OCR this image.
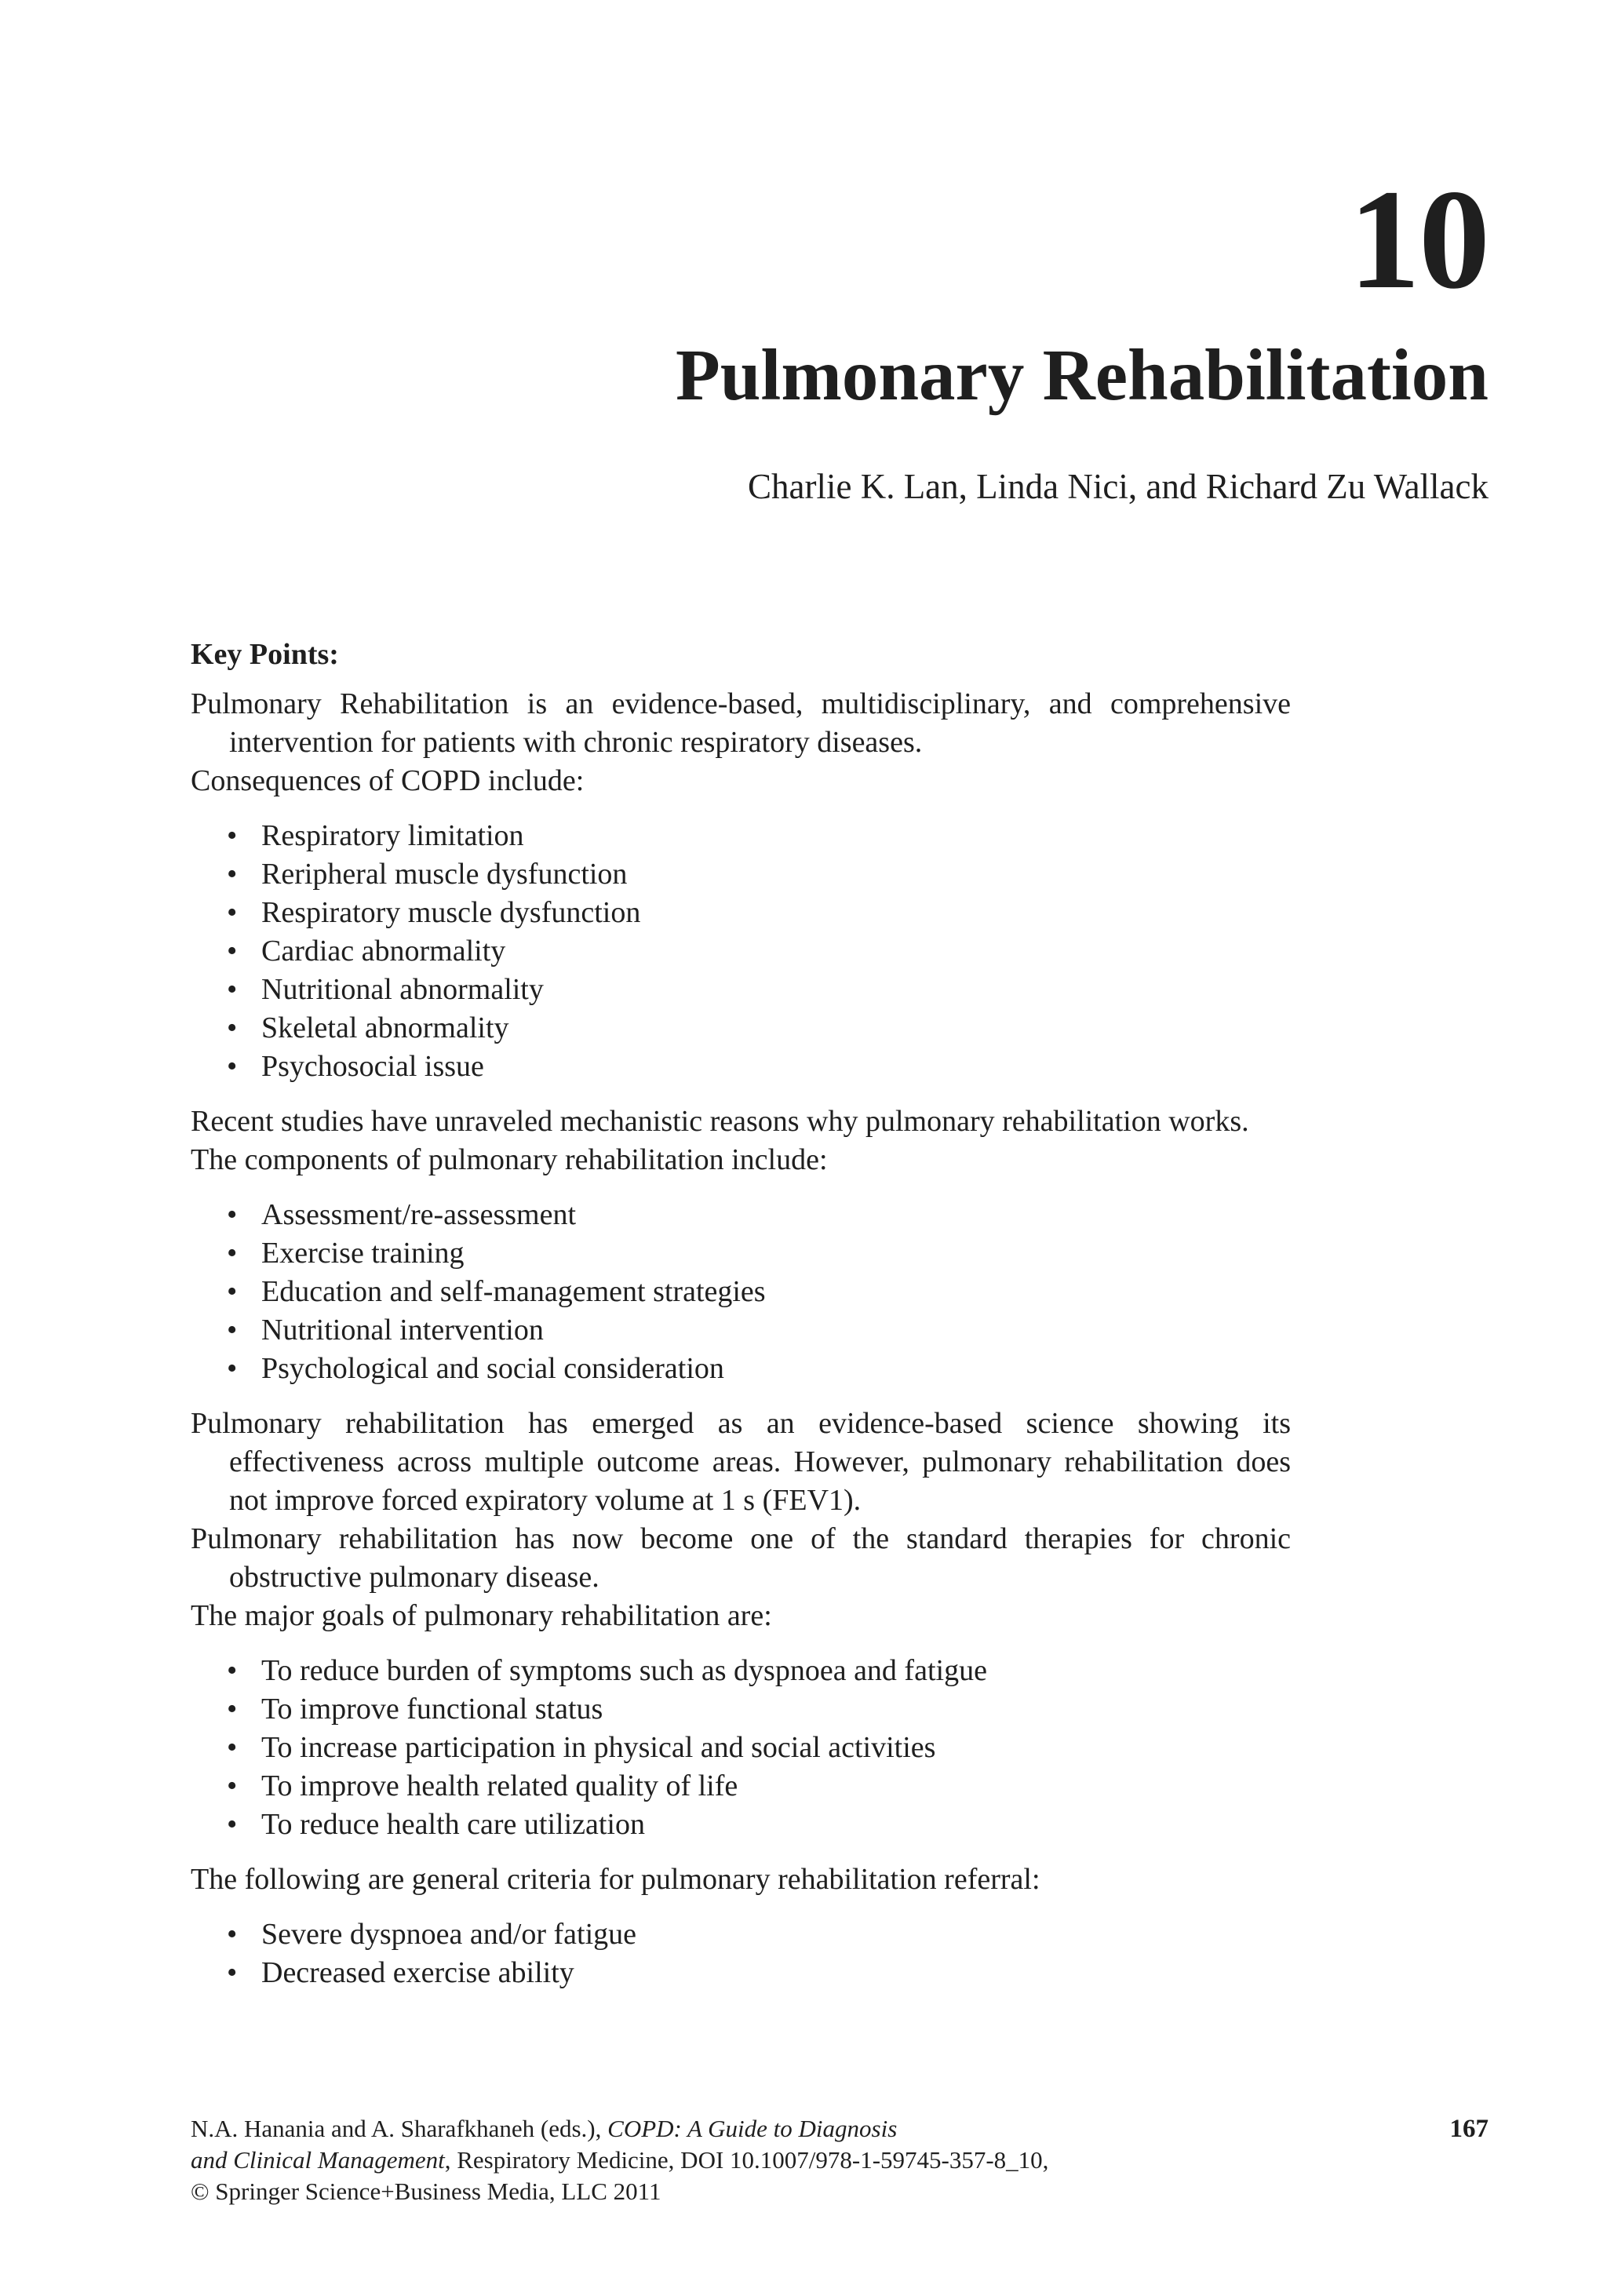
10
Pulmonary Rehabilitation

Charlie K. Lan, Linda Nici, and Richard Zu Wallack

Key Points:

Pulmonary Rehabilitation is an evidence-based, multidisciplinary, and comprehensive intervention for patients with chronic respiratory diseases.

Consequences of COPD include:

• Respiratory limitation
• Reripheral muscle dysfunction
• Respiratory muscle dysfunction
• Cardiac abnormality
• Nutritional abnormality
• Skeletal abnormality
• Psychosocial issue

Recent studies have unraveled mechanistic reasons why pulmonary rehabilitation works.

The components of pulmonary rehabilitation include:

• Assessment/re-assessment
• Exercise training
• Education and self-management strategies
• Nutritional intervention
• Psychological and social consideration

Pulmonary rehabilitation has emerged as an evidence-based science showing its effectiveness across multiple outcome areas. However, pulmonary rehabilitation does not improve forced expiratory volume at 1 s (FEV1).

Pulmonary rehabilitation has now become one of the standard therapies for chronic obstructive pulmonary disease.

The major goals of pulmonary rehabilitation are:

• To reduce burden of symptoms such as dyspnoea and fatigue
• To improve functional status
• To increase participation in physical and social activities
• To improve health related quality of life
• To reduce health care utilization

The following are general criteria for pulmonary rehabilitation referral:

• Severe dyspnoea and/or fatigue
• Decreased exercise ability

N.A. Hanania and A. Sharafkhaneh (eds.), COPD: A Guide to Diagnosis

and Clinical Management, Respiratory Medicine, DOI 10.1007/978-1-59745-357-8_10,

© Springer Science+Business Media, LLC 2011

167
